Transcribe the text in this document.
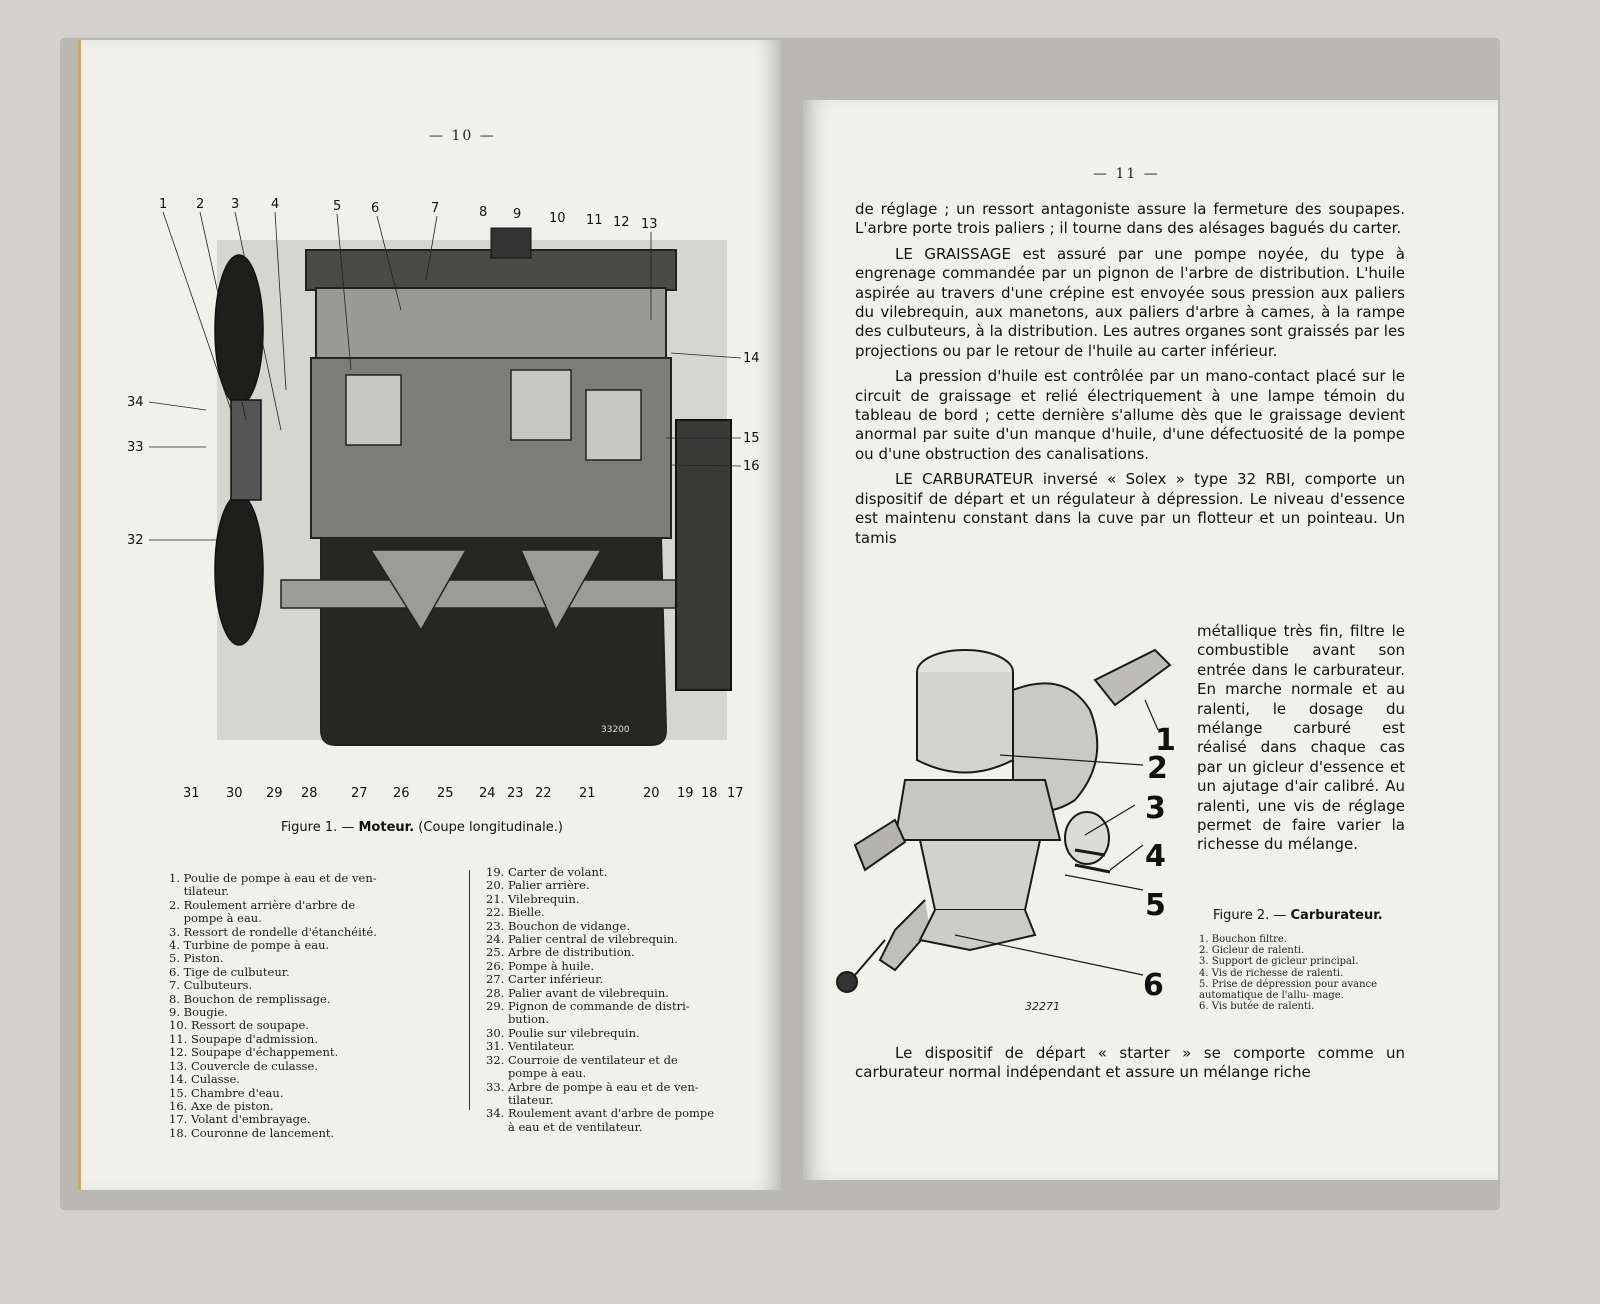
— 10 —
1 2 3 4	5 6	7	8 9 10 11 12 13
14
15
16
34
33
32
31 30 29 28	27 26 25 24 23 22 21	20 19 18 17
33200
Figure 1. — Moteur. (Coupe longitudinale.)
1. Poulie de pompe à eau et de ven-
tilateur.
2. Roulement arrière d'arbre de
pompe à eau.
3. Ressort de rondelle d'étanchéité.
4. Turbine de pompe à eau.
5. Piston.
6. Tige de culbuteur.
7. Culbuteurs.
8. Bouchon de remplissage.
9. Bougie.
10. Ressort de soupape.
11. Soupape d'admission.
12. Soupape d'échappement.
13. Couvercle de culasse.
14. Culasse.
15. Chambre d'eau.
16. Axe de piston.
17. Volant d'embrayage.
18. Couronne de lancement.
19. Carter de volant.
20. Palier arrière.
21. Vilebrequin.
22. Bielle.
23. Bouchon de vidange.
24. Palier central de vilebrequin.
25. Arbre de distribution.
26. Pompe à huile.
27. Carter inférieur.
28. Palier avant de vilebrequin.
29. Pignon de commande de distri-
bution.
30. Poulie sur vilebrequin.
31. Ventilateur.
32. Courroie de ventilateur et de
pompe à eau.
33. Arbre de pompe à eau et de ven-
tilateur.
34. Roulement avant d'arbre de pompe
à eau et de ventilateur.
— 11 —

de réglage ; un ressort antagoniste assure la fermeture des soupapes. L'arbre porte trois paliers ; il tourne dans des alésages bagués du carter.

LE GRAISSAGE est assuré par une pompe noyée, du type à engrenage commandée par un pignon de l'arbre de distribution. L'huile aspirée au travers d'une crépine est envoyée sous pression aux paliers du vilebrequin, aux manetons, aux paliers d'arbre à cames, à la rampe des culbuteurs, à la distribution. Les autres organes sont graissés par les projections ou par le retour de l'huile au carter inférieur.

La pression d'huile est contrôlée par un mano-contact placé sur le circuit de graissage et relié électriquement à une lampe témoin du tableau de bord ; cette dernière s'allume dès que le graissage devient anormal par suite d'un manque d'huile, d'une défectuosité de la pompe ou d'une obstruction des canalisations.

LE CARBURATEUR inversé « Solex » type 32 RBI, comporte un dispositif de départ et un régulateur à dépression. Le niveau d'essence est maintenu constant dans la cuve par un flotteur et un pointeau. Un tamis

métallique très fin, filtre le combustible avant son entrée dans le carburateur. En marche normale et au ralenti, le dosage du mélange carburé est réalisé dans chaque cas par un gicleur d'essence et un ajutage d'air calibré. Au ralenti, une vis de réglage permet de faire varier la richesse du mélange.
1
2
3
4
5
6
32271
Figure 2. — Carburateur.
1. Bouchon filtre.
2. Gicleur de ralenti.
3. Support de gicleur principal.
4. Vis de richesse de ralenti.
5. Prise de dépression pour avance automatique de l'allu- mage.
6. Vis butée de ralenti.

Le dispositif de départ « starter » se comporte comme un carburateur normal indépendant et assure un mélange riche
